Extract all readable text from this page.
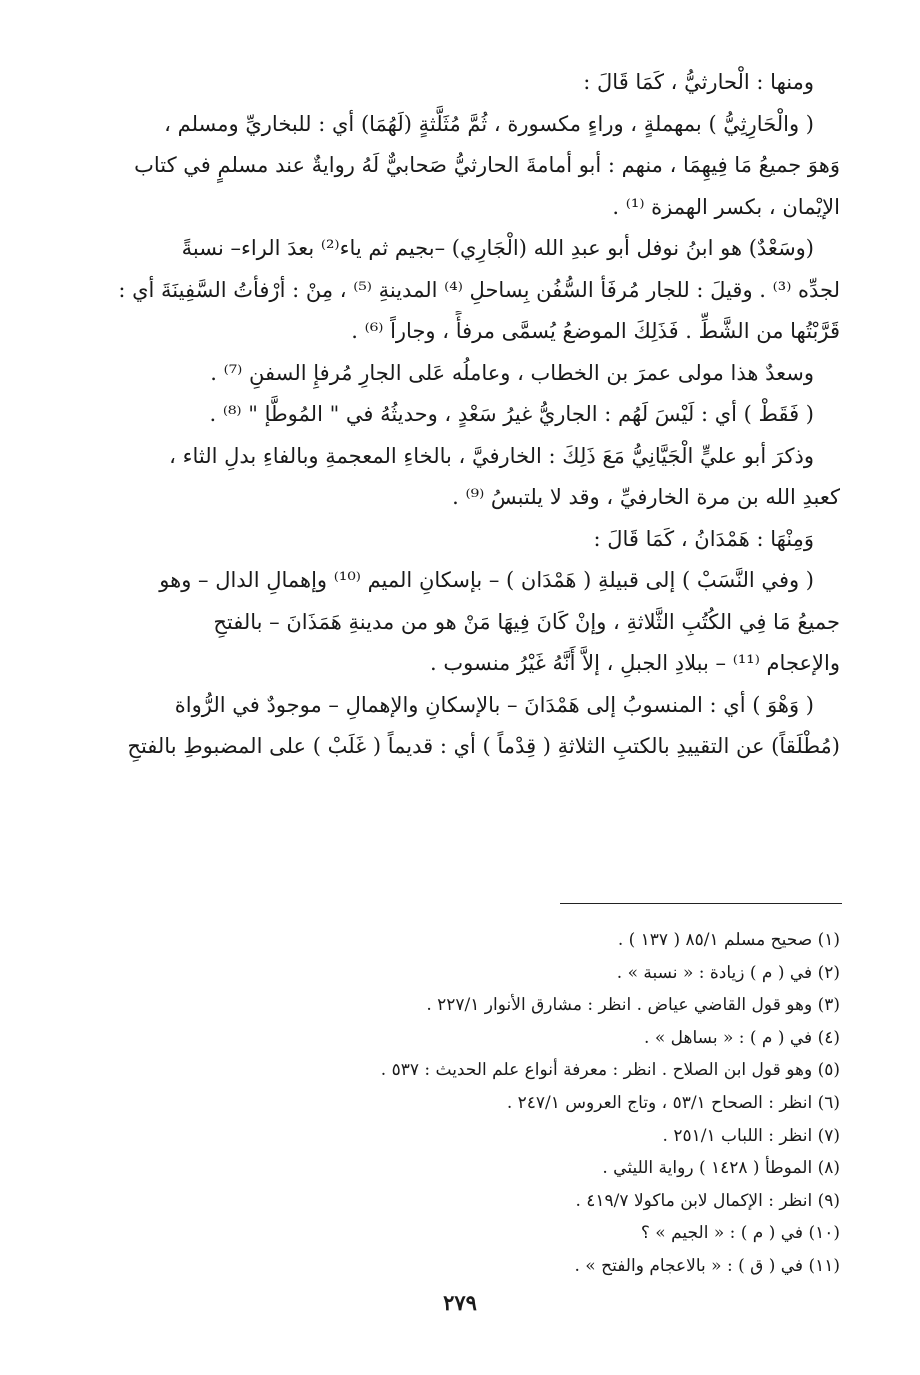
ومنها : الْحارثيُّ ، كَمَا قَالَ :
( والْحَارِثِيُّ ) بمهملةٍ ، وراءٍ مكسورة ، ثُمَّ مُثَلَّثةٍ (لَهُمَا) أي : للبخاريِّ ومسلم ،
وَهوَ جميعُ مَا فِيهِمَا ، منهم : أبو أمامةَ الحارثيُّ صَحابيٌّ لَهُ روايةٌ عند مسلمٍ في كتاب
الإيْمان ، بكسر الهمزة ⁽¹⁾ .
(وسَعْدٌ) هو ابنُ نوفل أبو عبدِ الله (الْجَارِي) –بجيم ثم ياء⁽²⁾ بعدَ الراء– نسبةً
لجدِّه ⁽³⁾ . وقيلَ : للجار مُرفَأ السُّفُن بِساحلِ ⁽⁴⁾ المدينةِ ⁽⁵⁾ ، مِنْ : أرْفأتُ السَّفِينَةَ أي :
قَرَّبْتُها من الشَّطِّ . فَذَلِكَ الموضعُ يُسمَّى مرفأً ، وجاراً ⁽⁶⁾ .
وسعدٌ هذا مولى عمرَ بن الخطاب ، وعاملُه عَلى الجارِ مُرفإِ السفنِ ⁽⁷⁾ .
( فَقَطْ ) أي : لَيْسَ لَهُم : الجاريُّ غيرُ سَعْدٍ ، وحديثُهُ في " المُوطَّإ " ⁽⁸⁾ .
وذكرَ أبو عليٍّ الْجَيَّانِيُّ مَعَ ذَلِكَ : الخارفيَّ ، بالخاءِ المعجمةِ وبالفاءِ بدلِ الثاء ،
كعبدِ الله بن مرة الخارفيِّ ، وقد لا يلتبسُ ⁽⁹⁾ .
وَمِنْهَا : هَمْدَانُ ، كَمَا قَالَ :
( وفي النَّسَبْ ) إلى قبيلةِ ( هَمْدَان ) – بإسكانِ الميم ⁽¹⁰⁾ وإهمالِ الدال – وهو
جميعُ مَا فِي الكُتُبِ الثَّلاثةِ ، وإنْ كَانَ فِيهَا مَنْ هو من مدينةِ هَمَذَانَ – بالفتحِ
والإعجام ⁽¹¹⁾ – ببلادِ الجبلِ ، إلاَّ أَنَّهُ غَيْرُ منسوب .
( وَهْوَ ) أي : المنسوبُ إلى هَمْدَانَ – بالإسكانِ والإهمالِ – موجودٌ في الرُّواة
(مُطْلَقاً) عن التقييدِ بالكتبِ الثلاثةِ ( قِدْماً ) أي : قديماً ( غَلَبْ ) على المضبوطِ بالفتحِ
(١) صحيح مسلم ٨٥/١ ( ١٣٧ ) .
(٢) في ( م ) زيادة : « نسبة » .
(٣) وهو قول القاضي عياض . انظر : مشارق الأنوار ٢٢٧/١ .
(٤) في ( م ) : « بساهل » .
(٥) وهو قول ابن الصلاح . انظر : معرفة أنواع علم الحديث : ٥٣٧ .
(٦) انظر : الصحاح ٥٣/١ ، وتاج العروس ٢٤٧/١ .
(٧) انظر : اللباب ٢٥١/١ .
(٨) الموطأ ( ١٤٢٨ ) رواية الليثي .
(٩) انظر : الإكمال لابن ماكولا ٤١٩/٧ .
(١٠) في ( م ) : « الجيم » ؟
(١١) في ( ق ) : « بالاعجام والفتح » .
٢٧٩
